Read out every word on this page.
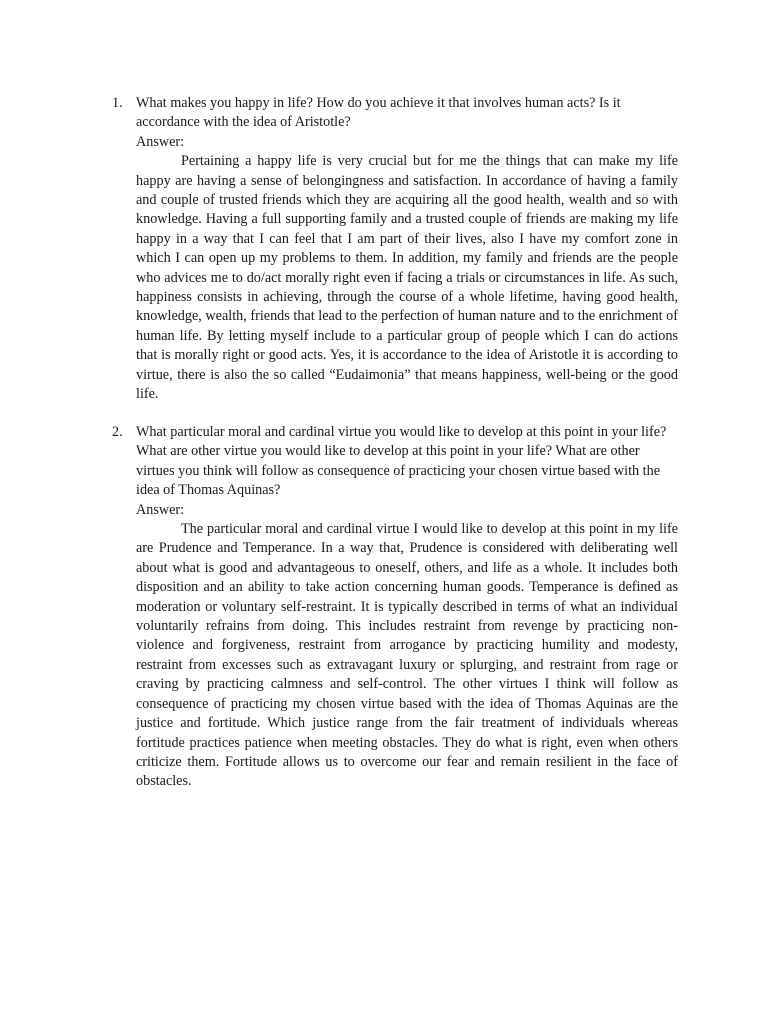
1. What makes you happy in life? How do you achieve it that involves human acts? Is it accordance with the idea of Aristotle?

Answer:

Pertaining a happy life is very crucial but for me the things that can make my life happy are having a sense of belongingness and satisfaction. In accordance of having a family and couple of trusted friends which they are acquiring all the good health, wealth and so with knowledge. Having a full supporting family and a trusted couple of friends are making my life happy in a way that I can feel that I am part of their lives, also I have my comfort zone in which I can open up my problems to them. In addition, my family and friends are the people who advices me to do/act morally right even if facing a trials or circumstances in life. As such, happiness consists in achieving, through the course of a whole lifetime, having good health, knowledge, wealth, friends that lead to the perfection of human nature and to the enrichment of human life. By letting myself include to a particular group of people which I can do actions that is morally right or good acts. Yes, it is accordance to the idea of Aristotle it is according to virtue, there is also the so called “Eudaimonia” that means happiness, well-being or the good life.

2. What particular moral and cardinal virtue you would like to develop at this point in your life? What are other virtue you would like to develop at this point in your life? What are other virtues you think will follow as consequence of practicing your chosen virtue based with the idea of Thomas Aquinas?

Answer:

The particular moral and cardinal virtue I would like to develop at this point in my life are Prudence and Temperance. In a way that, Prudence is considered with deliberating well about what is good and advantageous to oneself, others, and life as a whole. It includes both disposition and an ability to take action concerning human goods. Temperance is defined as moderation or voluntary self-restraint. It is typically described in terms of what an individual voluntarily refrains from doing. This includes restraint from revenge by practicing non-violence and forgiveness, restraint from arrogance by practicing humility and modesty, restraint from excesses such as extravagant luxury or splurging, and restraint from rage or craving by practicing calmness and self-control. The other virtues I think will follow as consequence of practicing my chosen virtue based with the idea of Thomas Aquinas are the justice and fortitude. Which justice range from the fair treatment of individuals whereas fortitude practices patience when meeting obstacles. They do what is right, even when others criticize them. Fortitude allows us to overcome our fear and remain resilient in the face of obstacles.
